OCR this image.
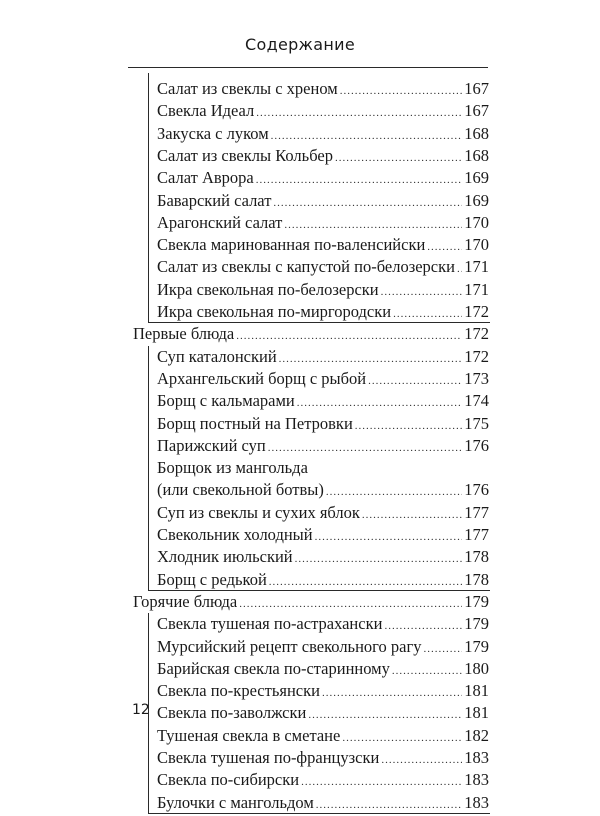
Содержание
Салат из свеклы с хреном .....	167
Свекла Идеал .....	167
Закуска с луком .....	168
Салат из свеклы Кольбер .....	168
Салат Аврора .....	169
Баварский салат .....	169
Арагонский салат .....	170
Свекла маринованная по-валенсийски ..... 170
Салат из свеклы с капустой по-белозерски ..... 171
Икра свекольная по-белозерски .....	171
Икра свекольная по-миргородски .....	172
Первые блюда .....	172
Суп каталонский .....	172
Архангельский борщ с рыбой .....	173
Борщ с кальмарами .....	174
Борщ постный на Петровки .....	175
Парижский суп .....	176
Борщок из мангольда
(или свекольной ботвы) .....	176
Суп из свеклы и сухих яблок .....	177
Свекольник холодный .....	177
Хлодник июльский .....	178
Борщ с редькой .....	178
Горячие блюда .....	179
Свекла тушеная по-астрахански .....	179
Мурсийский рецепт свекольного рагу .....	179
Барийская свекла по-старинному .....	180
Свекла по-крестьянски .....	181
Свекла по-заволжски .....	181
Тушеная свекла в сметане .....	182
Свекла тушеная по-французски .....	183
Свекла по-сибирски .....	183
Булочки с мангольдом .....	183
12
